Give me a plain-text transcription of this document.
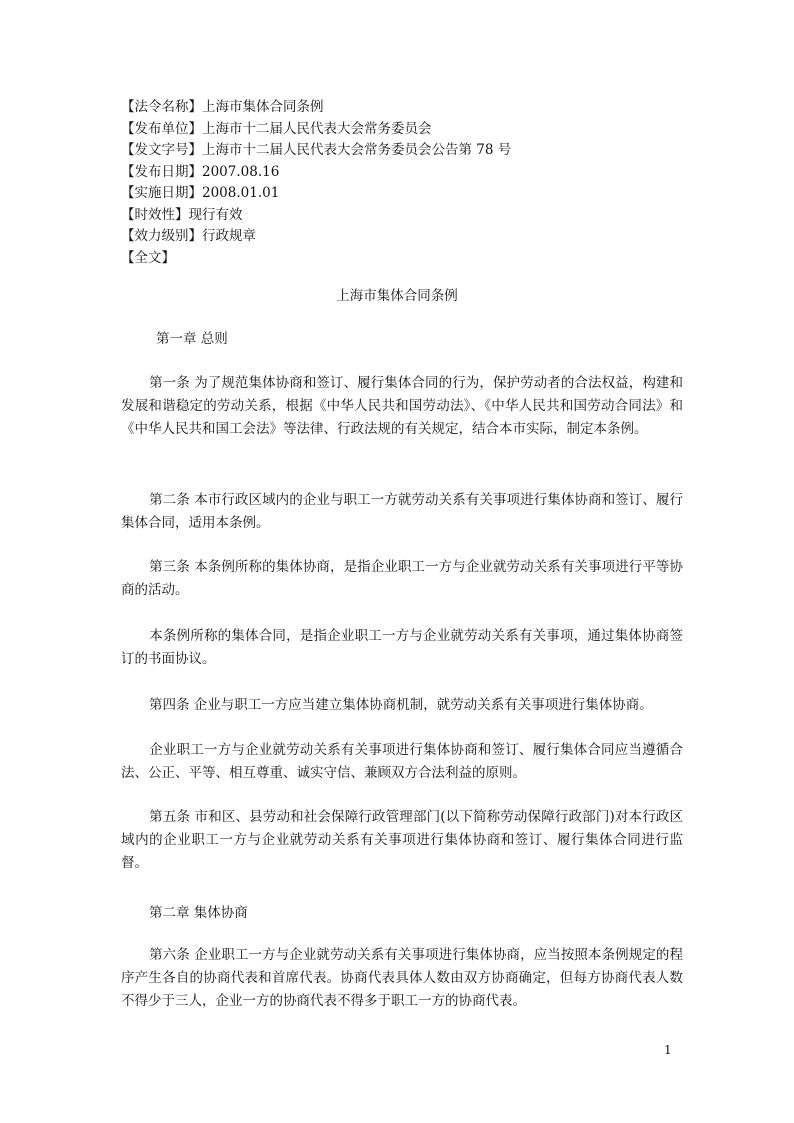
【法令名称】上海市集体合同条例
【发布单位】上海市十二届人民代表大会常务委员会
【发文字号】上海市十二届人民代表大会常务委员会公告第 78 号
【发布日期】2007.08.16
【实施日期】2008.01.01
【时效性】现行有效
【效力级别】行政规章
【全文】
上海市集体合同条例
第一章 总则
第一条 为了规范集体协商和签订、履行集体合同的行为，保护劳动者的合法权益，构建和发展和谐稳定的劳动关系，根据《中华人民共和国劳动法》、《中华人民共和国劳动合同法》和《中华人民共和国工会法》等法律、行政法规的有关规定，结合本市实际，制定本条例。
第二条 本市行政区域内的企业与职工一方就劳动关系有关事项进行集体协商和签订、履行集体合同，适用本条例。
第三条 本条例所称的集体协商，是指企业职工一方与企业就劳动关系有关事项进行平等协商的活动。
本条例所称的集体合同，是指企业职工一方与企业就劳动关系有关事项，通过集体协商签订的书面协议。
第四条 企业与职工一方应当建立集体协商机制，就劳动关系有关事项进行集体协商。
企业职工一方与企业就劳动关系有关事项进行集体协商和签订、履行集体合同应当遵循合法、公正、平等、相互尊重、诚实守信、兼顾双方合法利益的原则。
第五条 市和区、县劳动和社会保障行政管理部门(以下简称劳动保障行政部门)对本行政区域内的企业职工一方与企业就劳动关系有关事项进行集体协商和签订、履行集体合同进行监督。
第二章 集体协商
第六条 企业职工一方与企业就劳动关系有关事项进行集体协商，应当按照本条例规定的程序产生各自的协商代表和首席代表。协商代表具体人数由双方协商确定，但每方协商代表人数不得少于三人，企业一方的协商代表不得多于职工一方的协商代表。
1
